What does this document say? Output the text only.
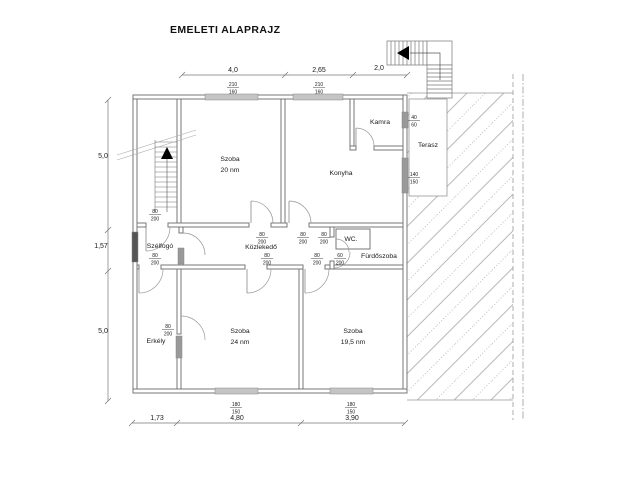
EMELETI ALAPRAJZ
Szoba
20 nm	Konyha
Kamra
Terasz
Szélfogó	Közlekedő
WC.
Fürdőszoba
Erkély
Szoba
24 nm
Szoba
19,5 nm
210
160
210
160
40
60
140
150
80
200
80
200
80
200
80
200
80
200
80
200
60
200
80
200
80
200
180
150
180
150
4,0	2,65	2,0
5,0
1,57
5,0
1,73	4,80	3,90
